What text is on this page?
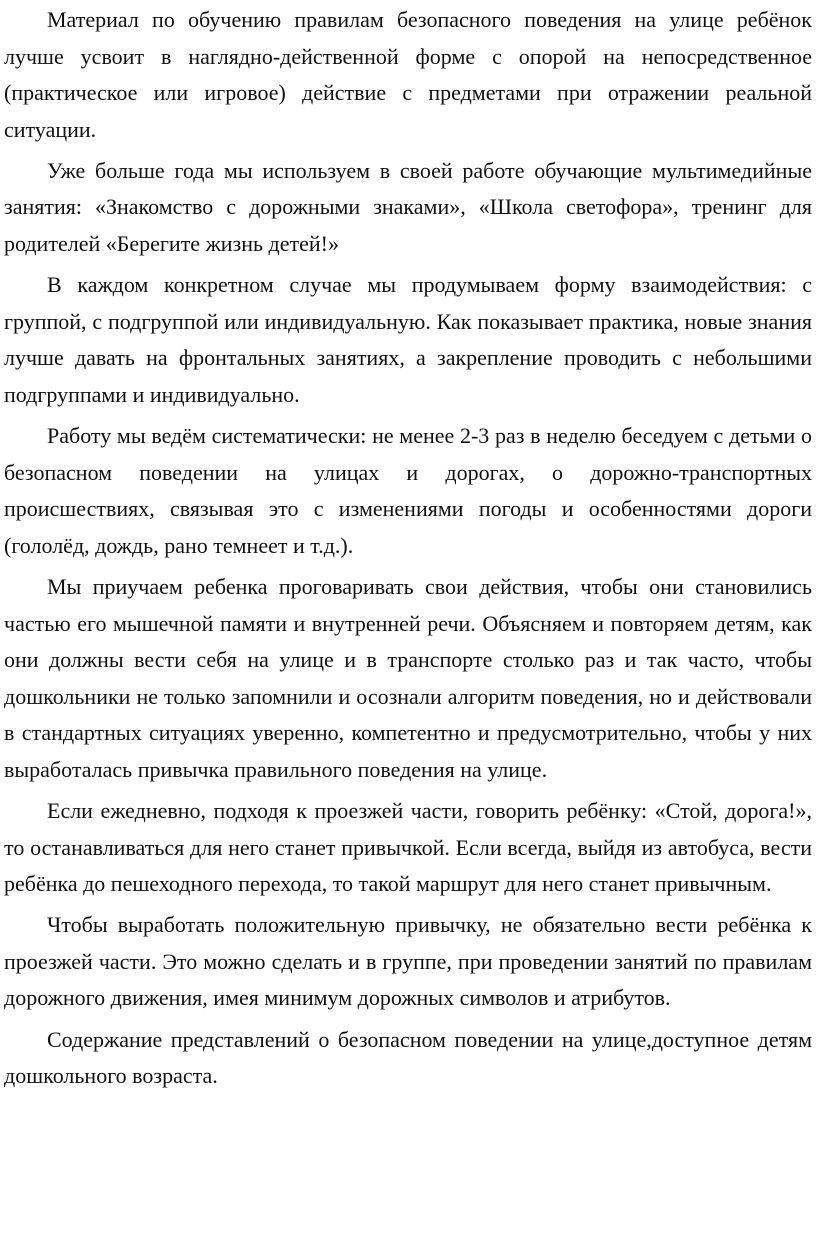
Материал по обучению правилам безопасного поведения на улице ребёнок лучше усвоит в наглядно-действенной форме с опорой на непосредственное (практическое или игровое) действие с предметами при отражении реальной ситуации.

Уже больше года мы используем в своей работе обучающие мультимедийные занятия: «Знакомство с дорожными знаками», «Школа светофора», тренинг для родителей «Берегите жизнь детей!»

В каждом конкретном случае мы продумываем форму взаимодействия: с группой, с подгруппой или индивидуальную. Как показывает практика, новые знания лучше давать на фронтальных занятиях, а закрепление проводить с небольшими подгруппами и индивидуально.

Работу мы ведём систематически: не менее 2-3 раз в неделю беседуем с детьми о безопасном поведении на улицах и дорогах, о дорожно-транспортных происшествиях, связывая это с изменениями погоды и особенностями дороги (гололёд, дождь, рано темнеет и т.д.).

Мы приучаем ребенка проговаривать свои действия, чтобы они становились частью его мышечной памяти и внутренней речи. Объясняем и повторяем детям, как они должны вести себя на улице и в транспорте столько раз и так часто, чтобы дошкольники не только запомнили и осознали алгоритм поведения, но и действовали в стандартных ситуациях уверенно, компетентно и предусмотрительно, чтобы у них выработалась привычка правильного поведения на улице.

Если ежедневно, подходя к проезжей части, говорить ребёнку: «Стой, дорога!», то останавливаться для него станет привычкой. Если всегда, выйдя из автобуса, вести ребёнка до пешеходного перехода, то такой маршрут для него станет привычным.

Чтобы выработать положительную привычку, не обязательно вести ребёнка к проезжей части. Это можно сделать и в группе, при проведении занятий по правилам дорожного движения, имея минимум дорожных символов и атрибутов.

Содержание представлений о безопасном поведении на улице,доступное детям дошкольного возраста.
